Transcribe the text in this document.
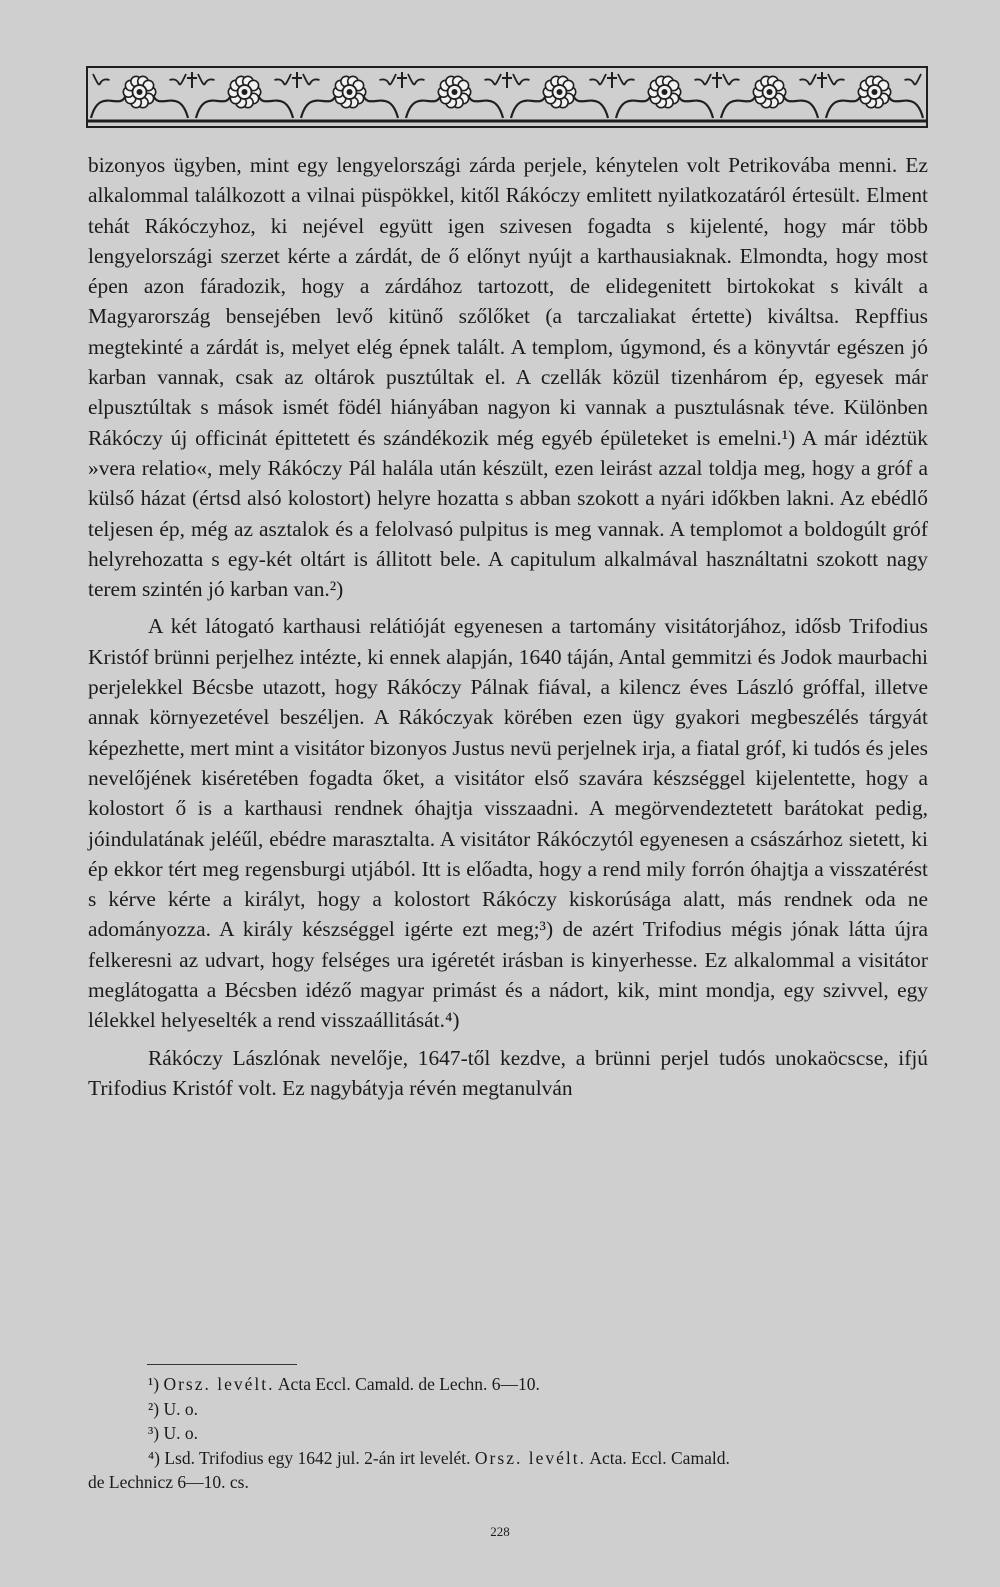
bizonyos ügyben, mint egy lengyelországi zárda perjele, kénytelen volt Petrikovába menni. Ez alkalommal találkozott a vilnai püspökkel, kitől Rákóczy emlitett nyilatkozatáról értesült. Elment tehát Rákóczyhoz, ki nejével együtt igen szivesen fogadta s kijelenté, hogy már több lengyelországi szerzet kérte a zárdát, de ő előnyt nyújt a karthausiaknak. Elmondta, hogy most épen azon fáradozik, hogy a zárdához tartozott, de elidegenitett birtokokat s kivált a Magyarország bensejében levő kitünő szőlőket (a tarczaliakat értette) kiváltsa. Repffius megtekinté a zárdát is, melyet elég épnek talált. A templom, úgymond, és a könyvtár egészen jó karban vannak, csak az oltárok pusztúltak el. A czellák közül tizenhárom ép, egyesek már elpusztúltak s mások ismét födél hiányában nagyon ki vannak a pusztulásnak téve. Különben Rákóczy új officinát épittetett és szándékozik még egyéb épületeket is emelni.¹) A már idéztük »vera relatio«, mely Rákóczy Pál halála után készült, ezen leirást azzal toldja meg, hogy a gróf a külső házat (értsd alsó kolostort) helyre hozatta s abban szokott a nyári időkben lakni. Az ebédlő teljesen ép, még az asztalok és a felolvasó pulpitus is meg vannak. A templomot a boldogúlt gróf helyrehozatta s egy-két oltárt is állitott bele. A capitulum alkalmával használtatni szokott nagy terem szintén jó karban van.²)

A két látogató karthausi relátióját egyenesen a tartomány visitátorjához, idősb Trifodius Kristóf brünni perjelhez intézte, ki ennek alapján, 1640 táján, Antal gemmitzi és Jodok maurbachi perjelekkel Bécsbe utazott, hogy Rákóczy Pálnak fiával, a kilencz éves László gróffal, illetve annak környezetével beszéljen. A Rákóczyak körében ezen ügy gyakori megbeszélés tárgyát képezhette, mert mint a visitátor bizonyos Justus nevü perjelnek irja, a fiatal gróf, ki tudós és jeles nevelőjének kiséretében fogadta őket, a visitátor első szavára készséggel kijelentette, hogy a kolostort ő is a karthausi rendnek óhajtja visszaadni. A megörvendeztetett barátokat pedig, jóindulatának jeléűl, ebédre marasztalta. A visitátor Rákóczytól egyenesen a császárhoz sietett, ki ép ekkor tért meg regensburgi utjából. Itt is előadta, hogy a rend mily forrón óhajtja a visszatérést s kérve kérte a királyt, hogy a kolostort Rákóczy kiskorúsága alatt, más rendnek oda ne adományozza. A király készséggel igérte ezt meg;³) de azért Trifodius mégis jónak látta újra felkeresni az udvart, hogy felséges ura igéretét irásban is kinyerhesse. Ez alkalommal a visitátor meglátogatta a Bécsben idéző magyar primást és a nádort, kik, mint mondja, egy szivvel, egy lélekkel helyeselték a rend visszaállitását.⁴)

Rákóczy Lászlónak nevelője, 1647-től kezdve, a brünni perjel tudós unokaöcscse, ifjú Trifodius Kristóf volt. Ez nagybátyja révén megtanulván

¹) Orsz. levélt. Acta Eccl. Camald. de Lechn. 6—10.
²) U. o.
³) U. o.
⁴) Lsd. Trifodius egy 1642 jul. 2-án irt levelét. Orsz. levélt. Acta. Eccl. Camald.
de Lechnicz 6—10. cs.
228
